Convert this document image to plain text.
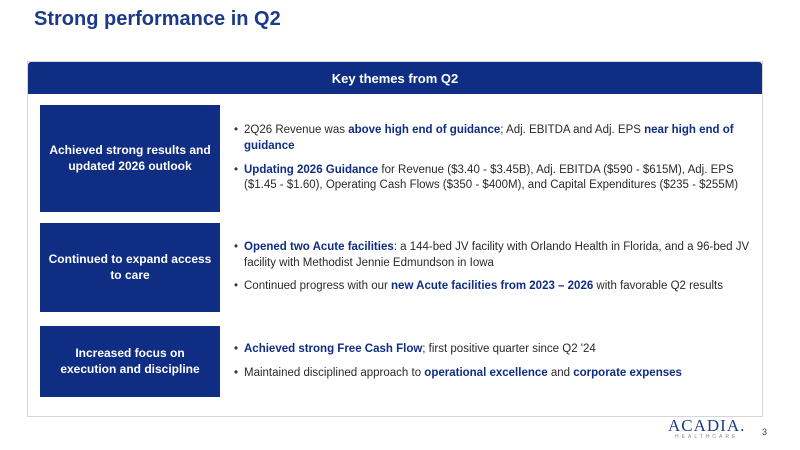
Strong performance in Q2
Key themes from Q2
Achieved strong results and updated 2026 outlook
• 2Q26 Revenue was above high end of guidance; Adj. EBITDA and Adj. EPS near high end of guidance
• Updating 2026 Guidance for Revenue ($3.40 - $3.45B), Adj. EBITDA ($590 - $615M), Adj. EPS ($1.45 - $1.60), Operating Cash Flows ($350 - $400M), and Capital Expenditures ($235 - $255M)
Continued to expand access to care
• Opened two Acute facilities: a 144-bed JV facility with Orlando Health in Florida, and a 96-bed JV facility with Methodist Jennie Edmundson in Iowa
• Continued progress with our new Acute facilities from 2023 – 2026 with favorable Q2 results
Increased focus on execution and discipline
• Achieved strong Free Cash Flow; first positive quarter since Q2 '24
• Maintained disciplined approach to operational excellence and corporate expenses
ACADIA.
HEALTHCARE	3
